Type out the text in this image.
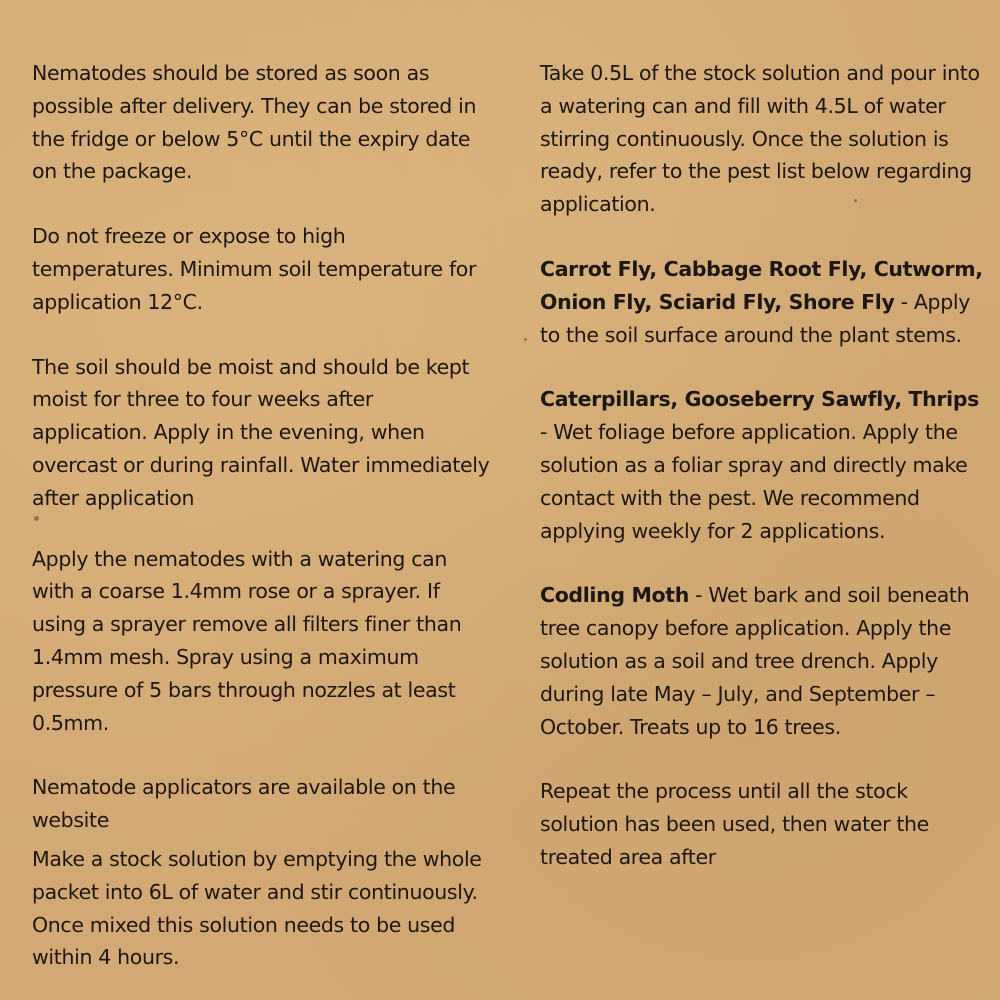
Nematodes should be stored as soon as possible after delivery. They can be stored in the fridge or below 5°C until the expiry date on the package.

Do not freeze or expose to high temperatures. Minimum soil temperature for application 12°C.

The soil should be moist and should be kept moist for three to four weeks after application. Apply in the evening, when overcast or during rainfall. Water immediately after application

Apply the nematodes with a watering can with a coarse 1.4mm rose or a sprayer. If using a sprayer remove all filters finer than 1.4mm mesh. Spray using a maximum pressure of 5 bars through nozzles at least 0.5mm.

Nematode applicators are available on the website

Make a stock solution by emptying the whole packet into 6L of water and stir continuously. Once mixed this solution needs to be used within 4 hours.

Take 0.5L of the stock solution and pour into a watering can and fill with 4.5L of water stirring continuously. Once the solution is ready, refer to the pest list below regarding application.

Carrot Fly, Cabbage Root Fly, Cutworm, Onion Fly, Sciarid Fly, Shore Fly - Apply to the soil surface around the plant stems.

Caterpillars, Gooseberry Sawfly, Thrips - Wet foliage before application. Apply the solution as a foliar spray and directly make contact with the pest. We recommend applying weekly for 2 applications.

Codling Moth - Wet bark and soil beneath tree canopy before application. Apply the solution as a soil and tree drench. Apply during late May – July, and September – October. Treats up to 16 trees.

Repeat the process until all the stock solution has been used, then water the treated area after
